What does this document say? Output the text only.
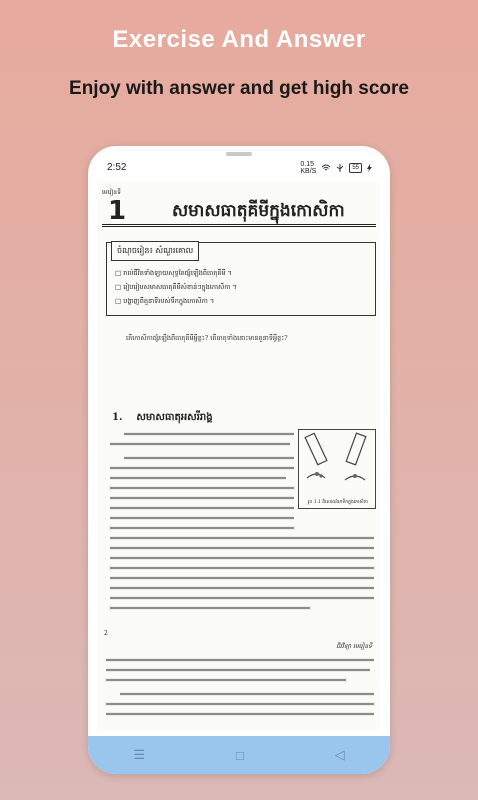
Exercise And Answer
Enjoy with answer and get high score
2:52	0.15
KB/S	55
មេរៀនទី
1	សមាសធាតុគីមីក្នុងកោសិកា
ចំណុចរៀន៖ សំណួរគោល
□ រាល់ជីវិតទាំងឡាយសុទ្ធតែផ្សំឡើងពីធាតុគីមី ។
□ រៀបរៀបសមាសធាតុគីមីសំខាន់ៗក្នុងកោសិកា ។
□ បង្ហាញពីតួនាទីរបស់ទឹកក្នុងកោសិកា ។
តើកោសិកាផ្សំឡើងពីធាតុគីមីអ្វីខ្លះ? តើធាតុទាំងនោះមានតួនាទីអ្វីខ្លះ?
1. សមាសធាតុអសរីរាង្គ
រូប 1.1 ពិសោធន៍រកទឹកក្នុងកោសិកា
2
ជីវវិទ្យា មេរៀនទី
☰	□	◁
